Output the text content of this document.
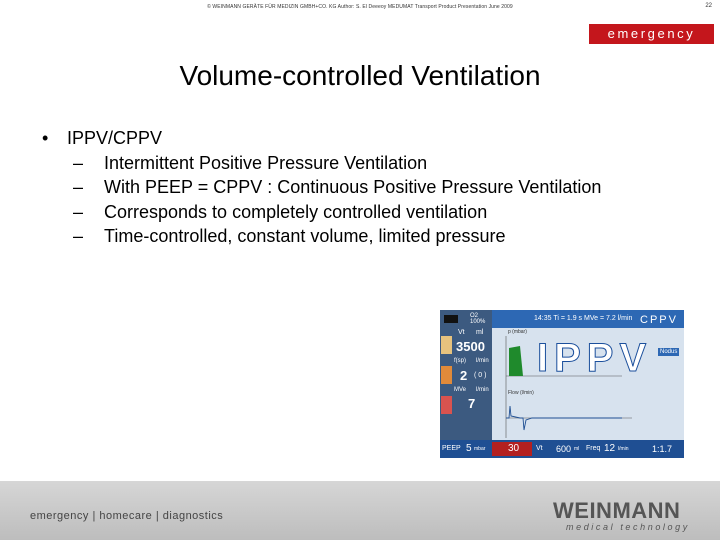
© WEINMANN GERÄTE FÜR MEDIZIN GMBH+CO. KG Author: S. El Deeeoy MEDUMAT Transport Product Presentation June 2009	22
emergency
Volume-controlled Ventilation
•	IPPV/CPPV
–	Intermittent Positive Pressure Ventilation
–	With PEEP = CPPV : Continuous Positive Pressure Ventilation
–	Corresponds to completely controlled ventilation
–	Time-controlled, constant volume, limited pressure
O2 100%
Vt ml
3500
f(sp) l/min
2 ( 0 )
MVe l/min
7
14:35 Ti = 1.9 s MVe = 7.2 l/min CPPV
p (mbar)
Flow (l/min)
IPPV	Nodus
PEEP 5 mbar 30 Vt 600 ml Freq 12 l/min	1:1.7
emergency | homecare | diagnostics	WEINMANN
medical technology
